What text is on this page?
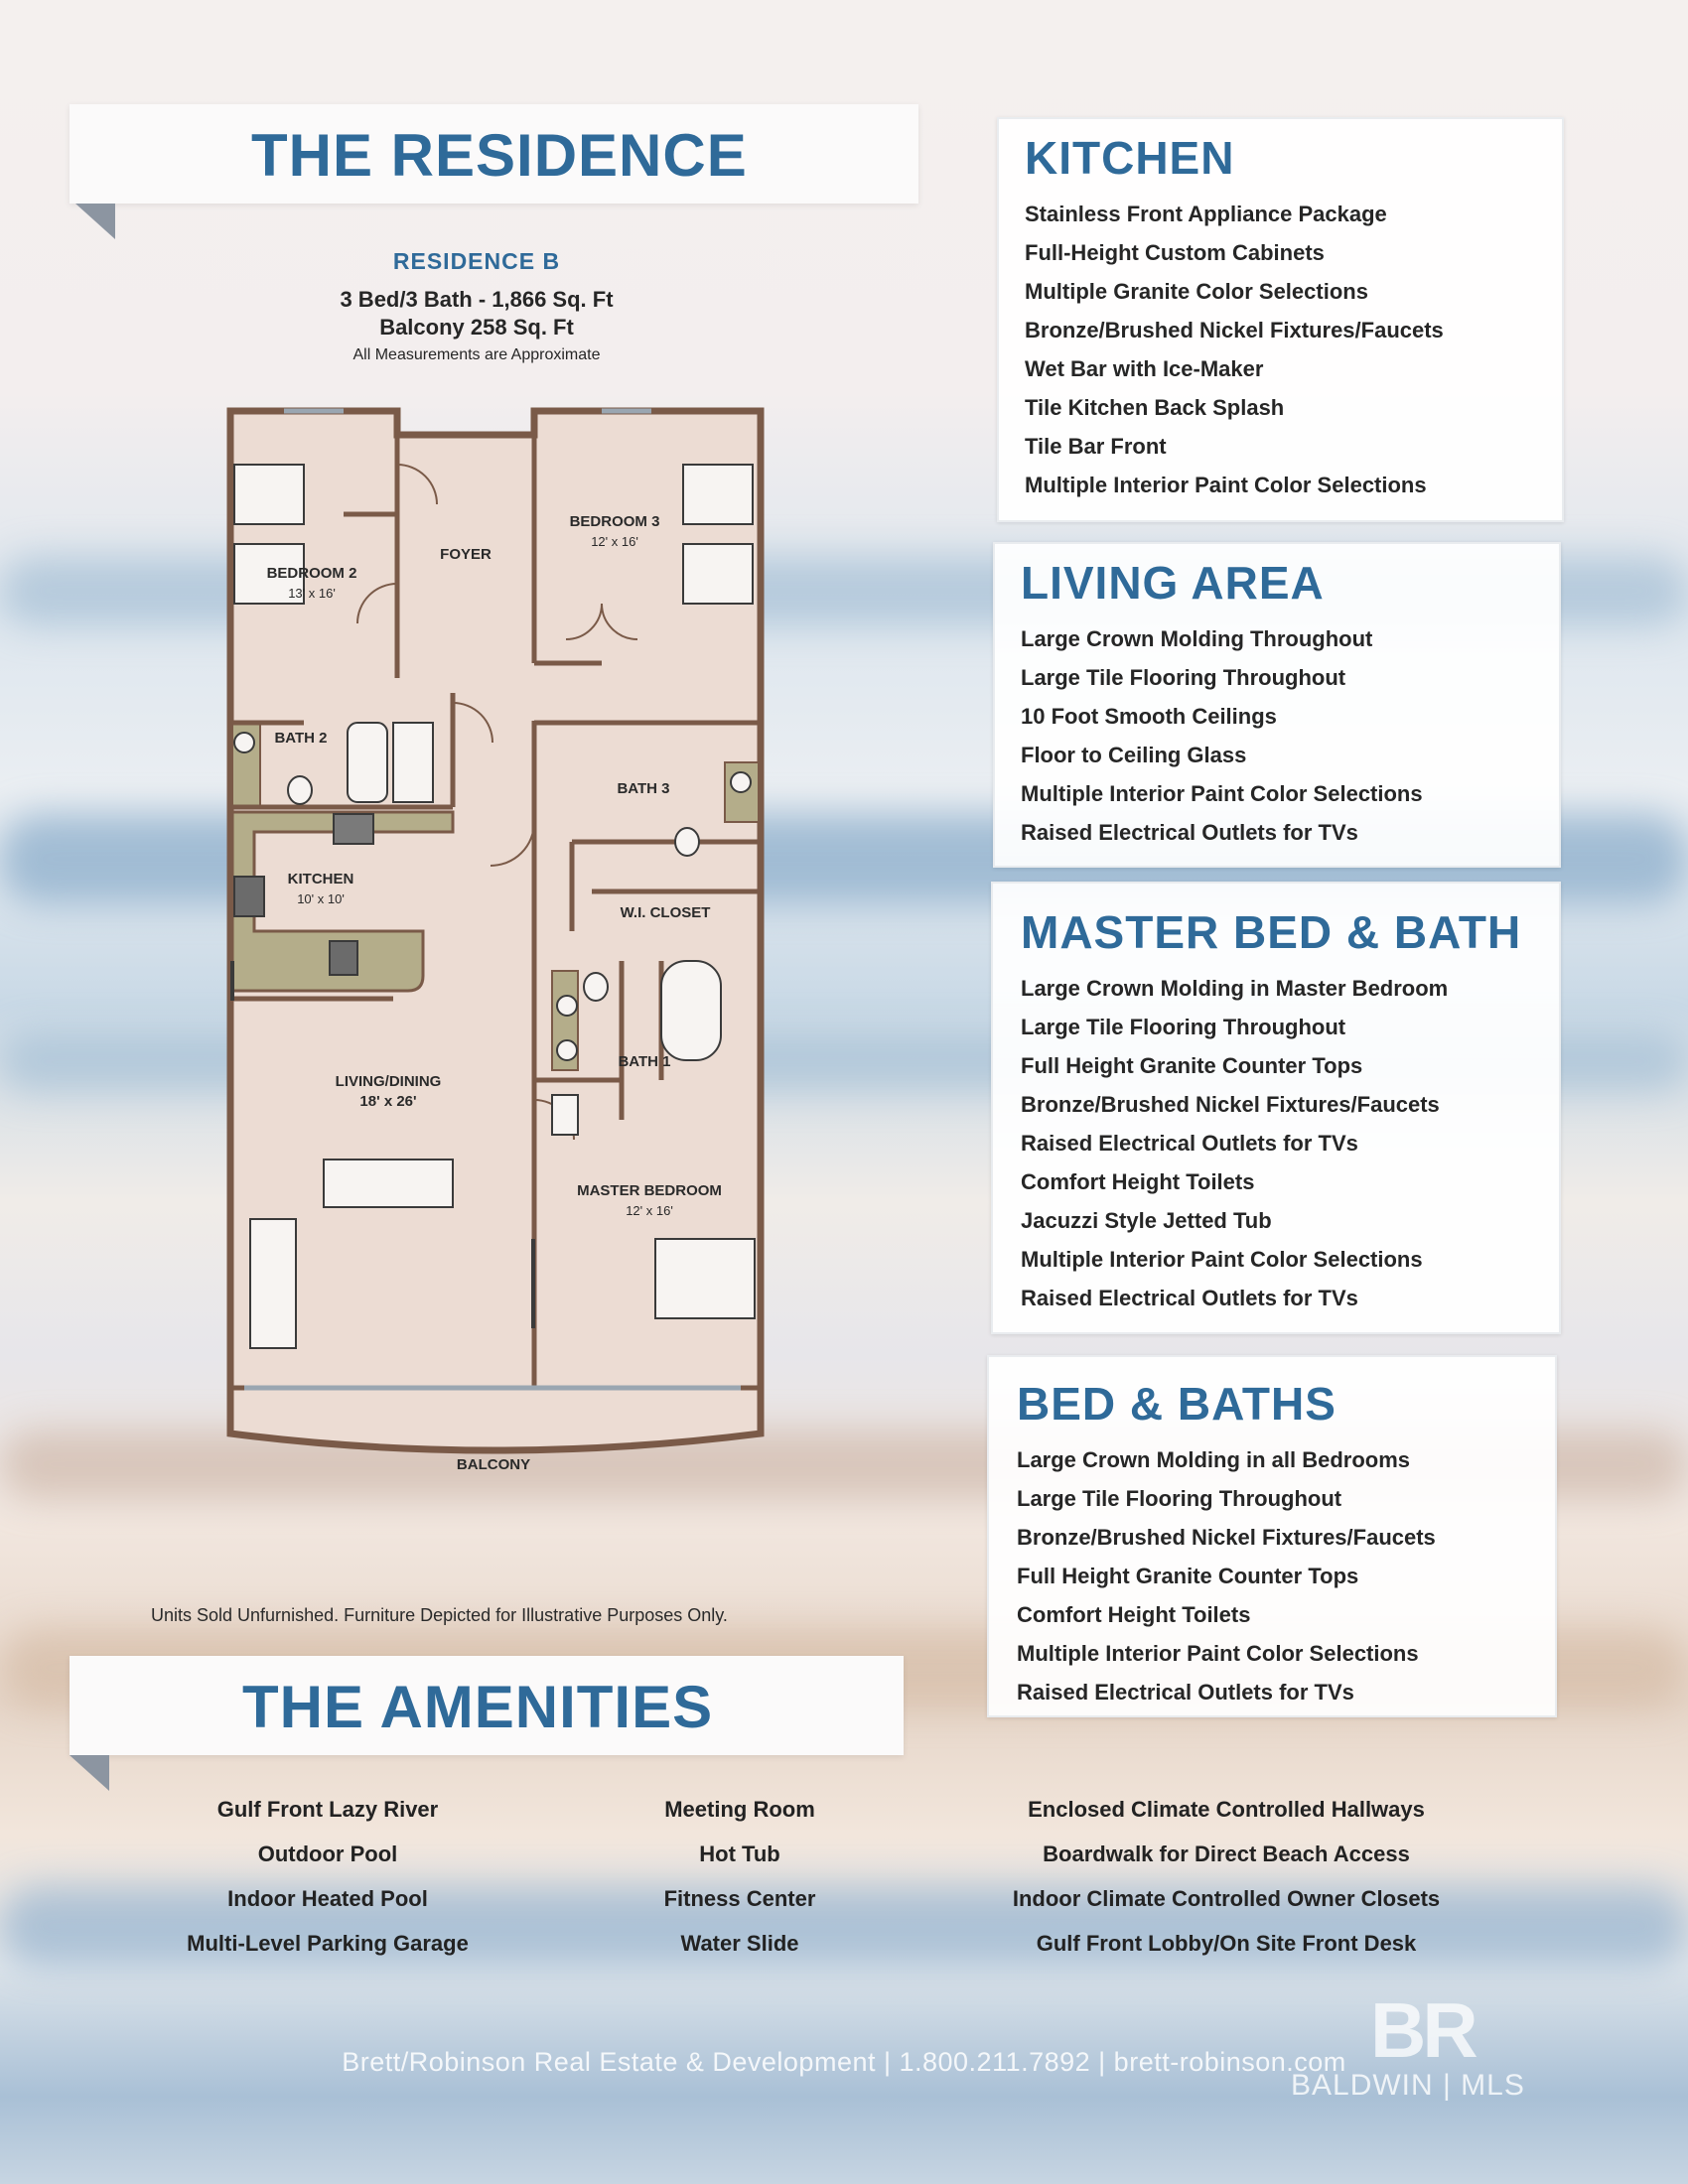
THE RESIDENCE
RESIDENCE B
3 Bed/3 Bath - 1,866 Sq. Ft
Balcony 258 Sq. Ft
All Measurements are Approximate
BEDROOM 2
13' x 16'
FOYER
BEDROOM 3
12' x 16'
BATH 2
BATH 3
KITCHEN
10' x 10'
W.I. CLOSET
BATH 1
LIVING/DINING
18' x 26'
MASTER BEDROOM
12' x 16'
BALCONY
Units Sold Unfurnished. Furniture Depicted for Illustrative Purposes Only.
KITCHEN
Stainless Front Appliance Package
Full-Height Custom Cabinets
Multiple Granite Color Selections
Bronze/Brushed Nickel Fixtures/Faucets
Wet Bar with Ice-Maker
Tile Kitchen Back Splash
Tile Bar Front
Multiple Interior Paint Color Selections
LIVING AREA
Large Crown Molding Throughout
Large Tile Flooring Throughout
10 Foot Smooth Ceilings
Floor to Ceiling Glass
Multiple Interior Paint Color Selections
Raised Electrical Outlets for TVs
MASTER BED & BATH
Large Crown Molding in Master Bedroom
Large Tile Flooring Throughout
Full Height Granite Counter Tops
Bronze/Brushed Nickel Fixtures/Faucets
Raised Electrical Outlets for TVs
Comfort Height Toilets
Jacuzzi Style Jetted Tub
Multiple Interior Paint Color Selections
Raised Electrical Outlets for TVs
BED & BATHS
Large Crown Molding in all Bedrooms
Large Tile Flooring Throughout
Bronze/Brushed Nickel Fixtures/Faucets
Full Height Granite Counter Tops
Comfort Height Toilets
Multiple Interior Paint Color Selections
Raised Electrical Outlets for TVs
THE AMENITIES
Gulf Front Lazy River
Outdoor Pool
Indoor Heated Pool
Multi-Level Parking Garage
Meeting Room
Hot Tub
Fitness Center
Water Slide
Enclosed Climate Controlled Hallways
Boardwalk for Direct Beach Access
Indoor Climate Controlled Owner Closets
Gulf Front Lobby/On Site Front Desk
Brett/Robinson Real Estate & Development | 1.800.211.7892 | brett-robinson.com BR
BALDWIN | MLS
